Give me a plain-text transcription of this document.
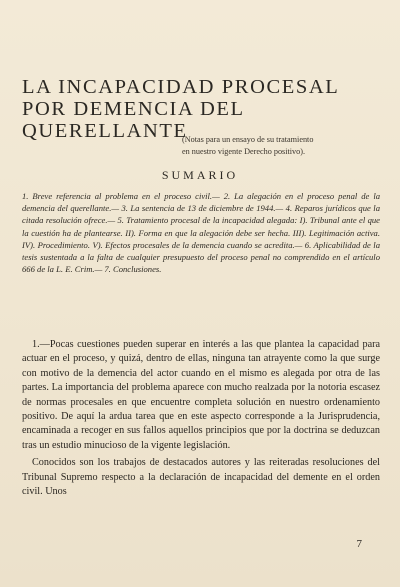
LA INCAPACIDAD PROCESAL
POR DEMENCIA DEL QUERELLANTE
(Notas para un ensayo de su tratamiento
en nuestro vigente Derecho positivo).
SUMARIO

1. Breve referencia al problema en el proceso civil.— 2. La alegación en el proceso penal de la demencia del querellante.— 3. La sentencia de 13 de diciembre de 1944.— 4. Reparos jurídicos que la citada resolución ofrece.— 5. Tratamiento procesal de la incapacidad alegada: I). Tribunal ante el que la cuestión ha de plantearse. II). Forma en que la alegación debe ser hecha. III). Legitimación activa. IV). Procedimiento. V). Efectos procesales de la demencia cuando se acredita.— 6. Aplicabilidad de la tesis sustentada a la falta de cualquier presupuesto del proceso penal no comprendido en el artículo 666 de la L. E. Crim.— 7. Conclusiones.

1.—Pocas cuestiones pueden superar en interés a las que plantea la capacidad para actuar en el proceso, y quizá, dentro de ellas, ninguna tan atrayente como la que surge con motivo de la demencia del actor cuando en el mismo es alegada por otra de las partes. La importancia del problema aparece con mucho realzada por la notoria escasez de normas procesales en que encuentre completa solución en nuestro ordenamiento positivo. De aquí la ardua tarea que en este aspecto corresponde a la Jurisprudencia, encaminada a recoger en sus fallos aquellos principios que por la doctrina se deduzcan tras un estudio minucioso de la vigente legislación.

Conocidos son los trabajos de destacados autores y las reiteradas resoluciones del Tribunal Supremo respecto a la declaración de incapacidad del demente en el orden civil. Unos

7
